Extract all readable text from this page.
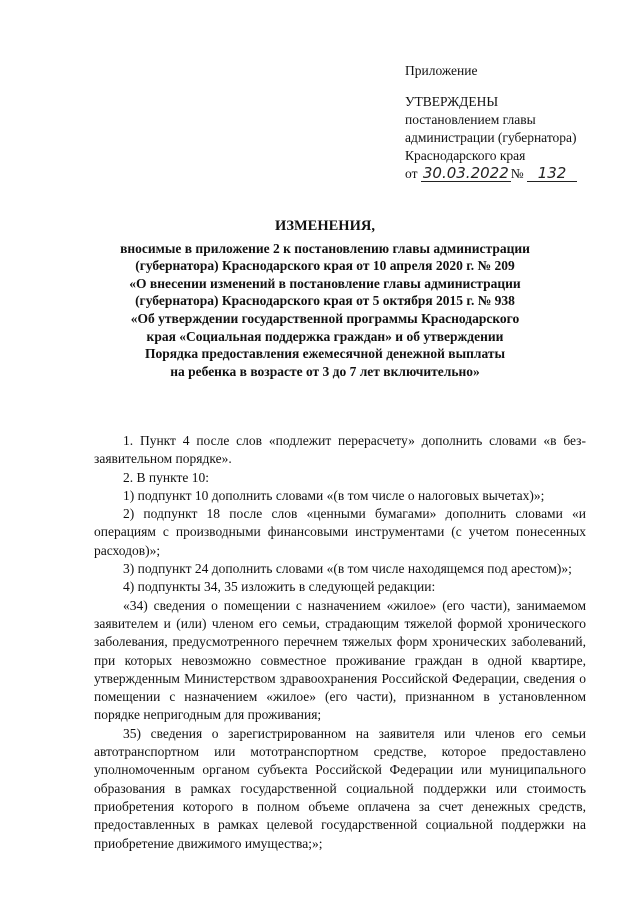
Приложение
УТВЕРЖДЕНЫ
постановлением главы
администрации (губернатора)
Краснодарского края
от 30.03.2022 № 132
ИЗМЕНЕНИЯ,
вносимые в приложение 2 к постановлению главы администрации
(губернатора) Краснодарского края от 10 апреля 2020 г. № 209
«О внесении изменений в постановление главы администрации
(губернатора) Краснодарского края от 5 октября 2015 г. № 938
«Об утверждении государственной программы Краснодарского
края «Социальная поддержка граждан» и об утверждении
Порядка предоставления ежемесячной денежной выплаты
на ребенка в возрасте от 3 до 7 лет включительно»

1. Пункт 4 после слов «подлежит перерасчету» дополнить словами «в без-заявительном порядке».

2. В пункте 10:

1) подпункт 10 дополнить словами «(в том числе о налоговых вычетах)»;

2) подпункт 18 после слов «ценными бумагами» дополнить словами «и операциям с производными финансовыми инструментами (с учетом понесенных расходов)»;

3) подпункт 24 дополнить словами «(в том числе находящемся под арестом)»;

4) подпункты 34, 35 изложить в следующей редакции:

«34) сведения о помещении с назначением «жилое» (его части), занимаемом заявителем и (или) членом его семьи, страдающим тяжелой формой хронического заболевания, предусмотренного перечнем тяжелых форм хронических заболеваний, при которых невозможно совместное проживание граждан в одной квартире, утвержденным Министерством здравоохранения Российской Федерации, сведения о помещении с назначением «жилое» (его части), признанном в установленном порядке непригодным для проживания;

35) сведения о зарегистрированном на заявителя или членов его семьи автотранспортном или мототранспортном средстве, которое предоставлено уполномоченным органом субъекта Российской Федерации или муниципального образования в рамках государственной социальной поддержки или стоимость приобретения которого в полном объеме оплачена за счет денежных средств, предоставленных в рамках целевой государственной социальной поддержки на приобретение движимого имущества;»;
